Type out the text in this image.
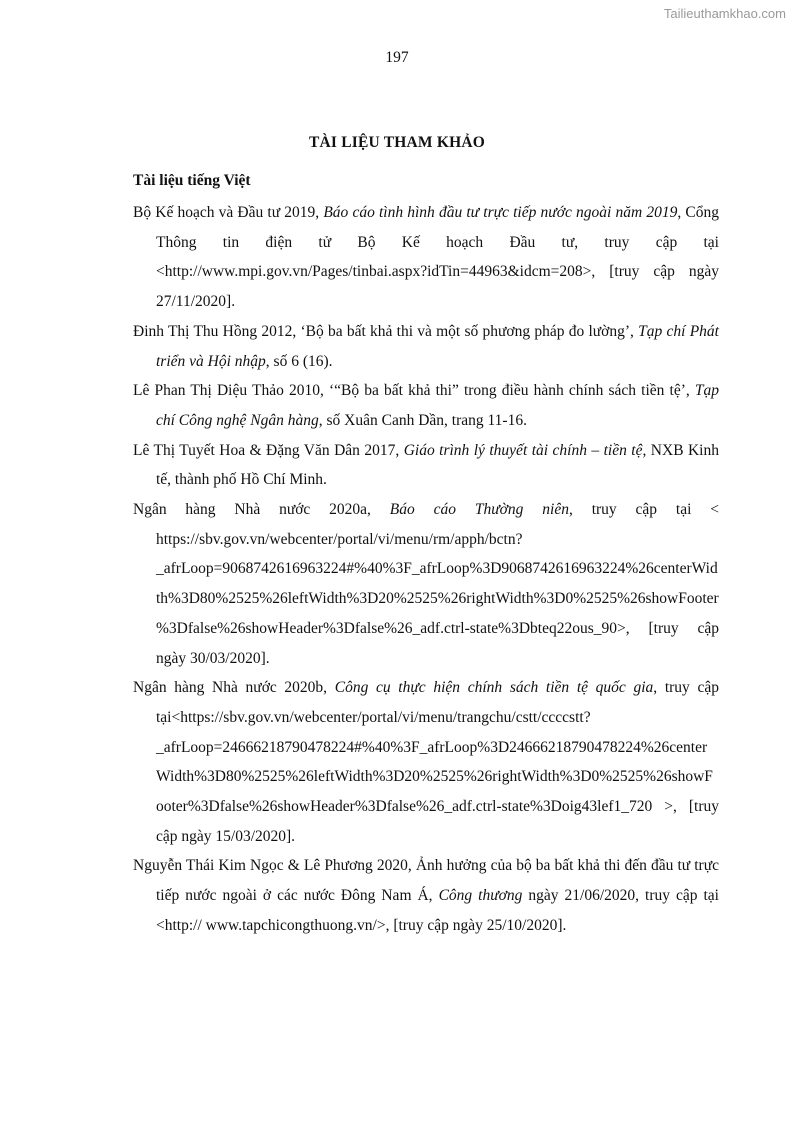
Tailieuthamkhao.com
197
TÀI LIỆU THAM KHẢO
Tài liệu tiếng Việt

Bộ Kế hoạch và Đầu tư 2019, Báo cáo tình hình đầu tư trực tiếp nước ngoài năm 2019, Cổng Thông tin điện tử Bộ Kế hoạch Đầu tư, truy cập tại <http://www.mpi.gov.vn/Pages/tinbai.aspx?idTin=44963&idcm=208>, [truy cập ngày 27/11/2020].

Đinh Thị Thu Hồng 2012, ‘Bộ ba bất khả thi và một số phương pháp đo lường’, Tạp chí Phát triển và Hội nhập, số 6 (16).

Lê Phan Thị Diệu Thảo 2010, ‘“Bộ ba bất khả thi” trong điều hành chính sách tiền tệ’, Tạp chí Công nghệ Ngân hàng, số Xuân Canh Dần, trang 11-16.

Lê Thị Tuyết Hoa & Đặng Văn Dân 2017, Giáo trình lý thuyết tài chính – tiền tệ, NXB Kinh tế, thành phố Hồ Chí Minh.

Ngân hàng Nhà nước 2020a, Báo cáo Thường niên, truy cập tại < https://sbv.gov.vn/webcenter/portal/vi/menu/rm/apph/bctn?_afrLoop=9068742616963224#%40%3F_afrLoop%3D9068742616963224%26centerWidth%3D80%2525%26leftWidth%3D20%2525%26rightWidth%3D0%2525%26showFooter%3Dfalse%26showHeader%3Dfalse%26_adf.ctrl-state%3Dbteq22ous_90>, [truy cập ngày 30/03/2020].

Ngân hàng Nhà nước 2020b, Công cụ thực hiện chính sách tiền tệ quốc gia, truy cập tại<https://sbv.gov.vn/webcenter/portal/vi/menu/trangchu/cstt/ccccstt?_afrLoop=24666218790478224#%40%3F_afrLoop%3D24666218790478224%26centerWidth%3D80%2525%26leftWidth%3D20%2525%26rightWidth%3D0%2525%26showFooter%3Dfalse%26showHeader%3Dfalse%26_adf.ctrl-state%3Doig43lef1_720 >, [truy cập ngày 15/03/2020].

Nguyễn Thái Kim Ngọc & Lê Phương 2020, Ảnh hưởng của bộ ba bất khả thi đến đầu tư trực tiếp nước ngoài ở các nước Đông Nam Á, Công thương ngày 21/06/2020, truy cập tại <http:// www.tapchicongthuong.vn/>, [truy cập ngày 25/10/2020].
